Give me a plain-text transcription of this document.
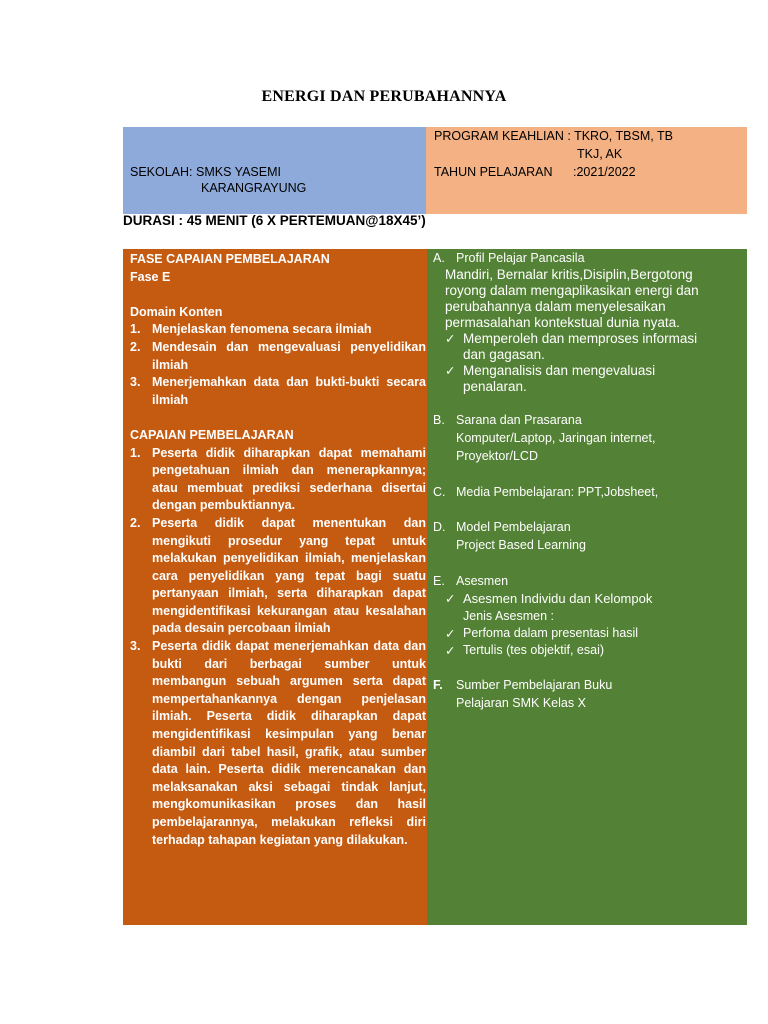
ENERGI DAN PERUBAHANNYA
SEKOLAH: SMKS YASEMI
KARANGRAYUNG
PROGRAM KEAHLIAN : TKRO, TBSM, TB
TKJ, AK
TAHUN PELAJARAN :2021/2022
DURASI : 45 MENIT (6 X PERTEMUAN@18X45’)
FASE CAPAIAN PEMBELAJARAN
Fase E
Domain Konten
1. Menjelaskan fenomena secara ilmiah
2. Mendesain dan mengevaluasi penyelidikan ilmiah
3. Menerjemahkan data dan bukti-bukti secara ilmiah
CAPAIAN PEMBELAJARAN
1. Peserta didik diharapkan dapat memahami pengetahuan ilmiah dan menerapkannya; atau membuat prediksi sederhana disertai dengan pembuktiannya.
2. Peserta didik dapat menentukan dan mengikuti prosedur yang tepat untuk melakukan penyelidikan ilmiah, menjelaskan cara penyelidikan yang tepat bagi suatu pertanyaan ilmiah, serta diharapkan dapat mengidentifikasi kekurangan atau kesalahan pada desain percobaan ilmiah
3. Peserta didik dapat menerjemahkan data dan bukti dari berbagai sumber untuk membangun sebuah argumen serta dapat mempertahankannya dengan penjelasan ilmiah. Peserta didik diharapkan dapat mengidentifikasi kesimpulan yang benar diambil dari tabel hasil, grafik, atau sumber data lain. Peserta didik merencanakan dan melaksanakan aksi sebagai tindak lanjut, mengkomunikasikan proses dan hasil pembelajarannya, melakukan refleksi diri terhadap tahapan kegiatan yang dilakukan.
A. Profil Pelajar Pancasila
Mandiri, Bernalar kritis,Disiplin,Bergotong
royong dalam mengaplikasikan energi dan
perubahannya dalam menyelesaikan
permasalahan kontekstual dunia nyata.
✓ Memperoleh dan memproses informasi
dan gagasan.
✓ Menganalisis dan mengevaluasi
penalaran.
B. Sarana dan Prasarana
Komputer/Laptop, Jaringan internet,
Proyektor/LCD
C. Media Pembelajaran: PPT,Jobsheet,
D. Model Pembelajaran
Project Based Learning
E. Asesmen
✓ Asesmen Individu dan Kelompok
Jenis Asesmen :
✓ Perfoma dalam presentasi hasil
✓ Tertulis (tes objektif, esai)
F. Sumber Pembelajaran Buku
Pelajaran SMK Kelas X
